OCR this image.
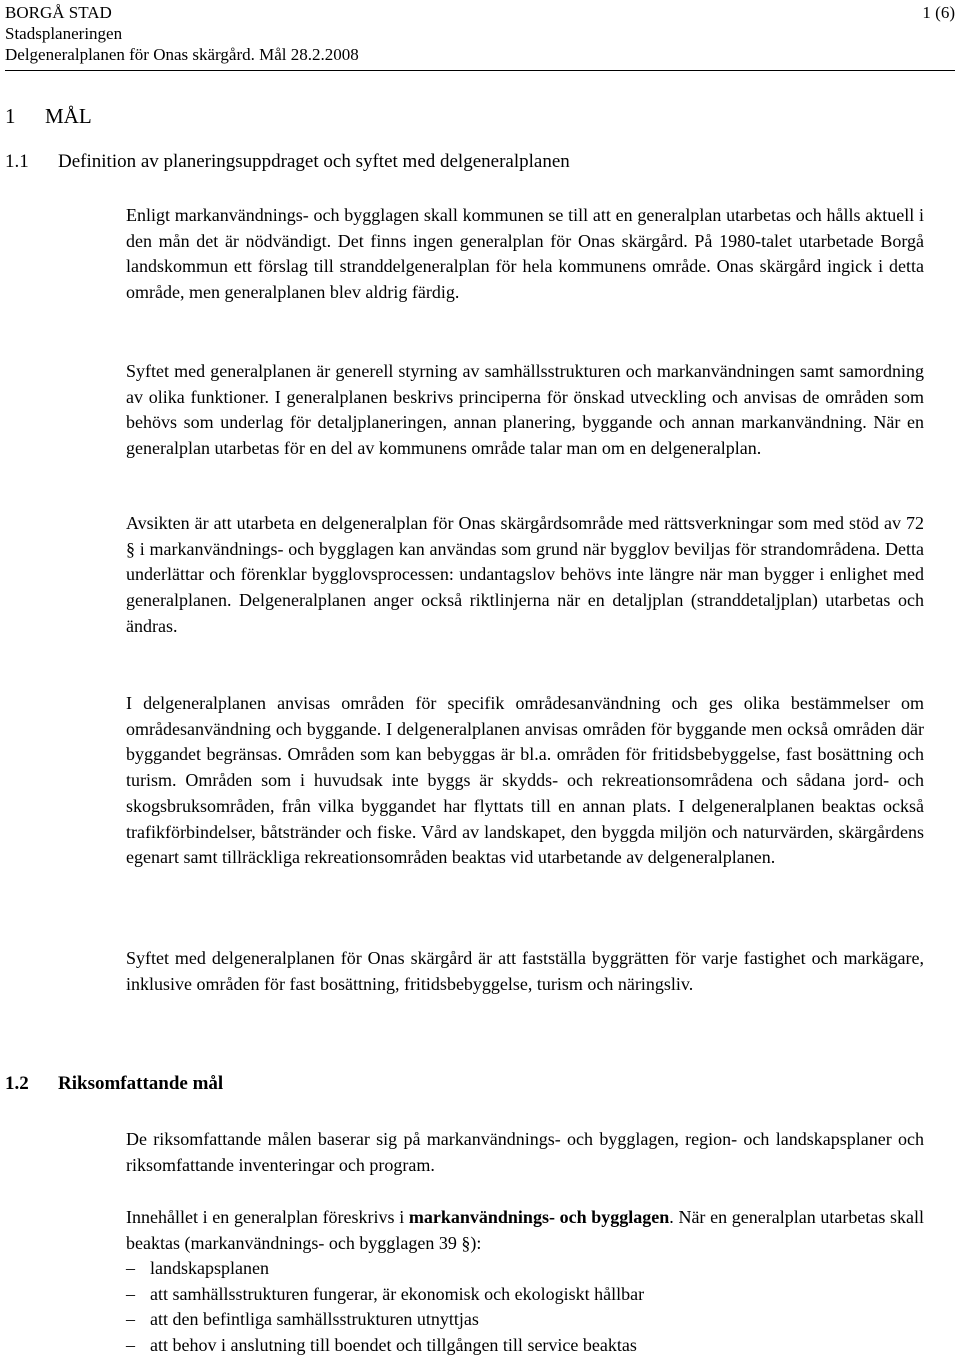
BORGÅ STAD
Stadsplaneringen
Delgeneralplanen för Onas skärgård. Mål 28.2.2008
1 (6)
1 MÅL
1.1 Definition av planeringsuppdraget och syftet med delgeneralplanen

Enligt markanvändnings- och bygglagen skall kommunen se till att en generalplan utarbetas och hålls aktuell i den mån det är nödvändigt. Det finns ingen generalplan för Onas skärgård. På 1980-talet utarbetade Borgå landskommun ett förslag till stranddelgeneralplan för hela kommunens område. Onas skärgård ingick i detta område, men generalplanen blev aldrig färdig.

Syftet med generalplanen är generell styrning av samhällsstrukturen och markanvändningen samt samordning av olika funktioner. I generalplanen beskrivs principerna för önskad utveckling och anvisas de områden som behövs som underlag för detaljplaneringen, annan planering, byggande och annan markanvändning. När en generalplan utarbetas för en del av kommunens område talar man om en delgeneralplan.

Avsikten är att utarbeta en delgeneralplan för Onas skärgårdsområde med rättsverkningar som med stöd av 72 § i markanvändnings- och bygglagen kan användas som grund när bygglov beviljas för strandområdena. Detta underlättar och förenklar bygglovsprocessen: undantagslov behövs inte längre när man bygger i enlighet med generalplanen. Delgeneralplanen anger också riktlinjerna när en detaljplan (stranddetaljplan) utarbetas och ändras.

I delgeneralplanen anvisas områden för specifik områdesanvändning och ges olika bestämmelser om områdesanvändning och byggande. I delgeneralplanen anvisas områden för byggande men också områden där byggandet begränsas. Områden som kan bebyggas är bl.a. områden för fritidsbebyggelse, fast bosättning och turism. Områden som i huvudsak inte byggs är skydds- och rekreationsområdena och sådana jord- och skogsbruksområden, från vilka byggandet har flyttats till en annan plats. I delgeneralplanen beaktas också trafikförbindelser, båtstränder och fiske. Vård av landskapet, den byggda miljön och naturvärden, skärgårdens egenart samt tillräckliga rekreationsområden beaktas vid utarbetande av delgeneralplanen.

Syftet med delgeneralplanen för Onas skärgård är att fastställa byggrätten för varje fastighet och markägare, inklusive områden för fast bosättning, fritidsbebyggelse, turism och näringsliv.

1.2 Riksomfattande mål

De riksomfattande målen baserar sig på markanvändnings- och bygglagen, region- och landskapsplaner och riksomfattande inventeringar och program.

Innehållet i en generalplan föreskrivs i markanvändnings- och bygglagen. När en generalplan utarbetas skall beaktas (markanvändnings- och bygglagen 39 §):

– landskapsplanen
– att samhällsstrukturen fungerar, är ekonomisk och ekologiskt hållbar
– att den befintliga samhällsstrukturen utnyttjas
– att behov i anslutning till boendet och tillgången till service beaktas
